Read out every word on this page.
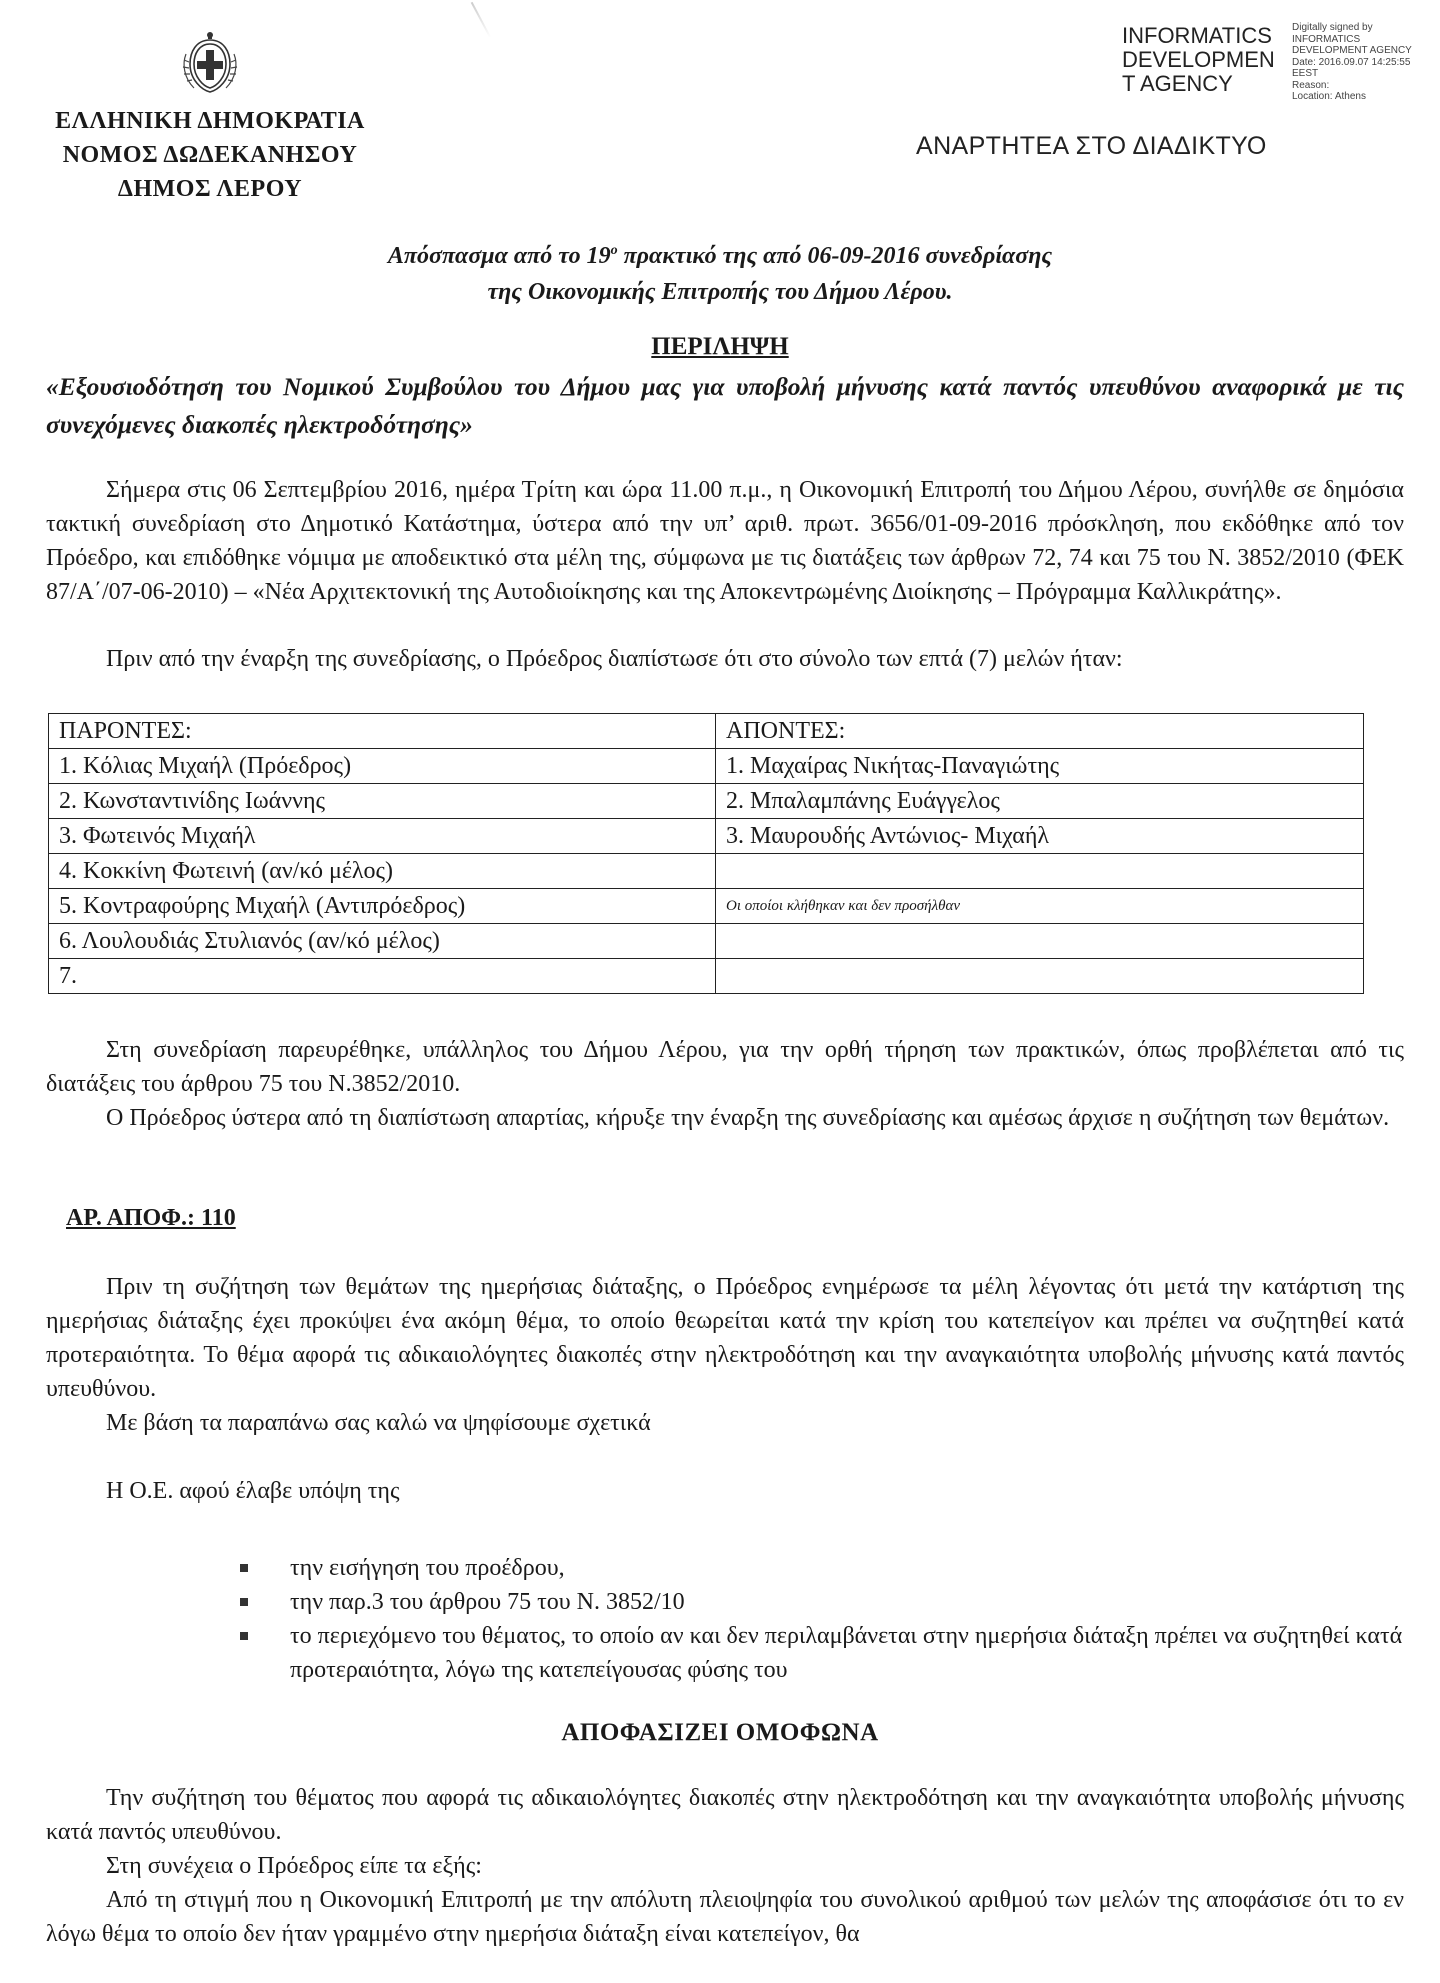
ΕΛΛΗΝΙΚΗ ΔΗΜΟΚΡΑΤΙΑ
ΝΟΜΟΣ ΔΩΔΕΚΑΝΗΣΟΥ
ΔΗΜΟΣ ΛΕΡΟΥ
INFORMATICS DEVELOPMEN T AGENCY
Digitally signed by
INFORMATICS
DEVELOPMENT AGENCY
Date: 2016.09.07 14:25:55
EEST
Reason:
Location: Athens
ΑΝΑΡΤΗΤΕΑ ΣΤΟ ΔΙΑΔΙΚΤΥΟ
Απόσπασμα από το $19^o$ πρακτικό της από 06-09-2016 συνεδρίασης
της Οικονομικής Επιτροπής του Δήμου Λέρου.
ΠΕΡΙΛΗΨΗ
«Εξουσιοδότηση του Νομικού Συμβούλου του Δήμου μας για υποβολή μήνυσης κατά παντός υπευθύνου αναφορικά με τις συνεχόμενες διακοπές ηλεκτροδότησης»
Σήμερα στις 06 Σεπτεμβρίου 2016, ημέρα Τρίτη και ώρα 11.00 π.μ., η Οικονομική Επιτροπή του Δήμου Λέρου, συνήλθε σε δημόσια τακτική συνεδρίαση στο Δημοτικό Κατάστημα, ύστερα από την υπ’ αριθ. πρωτ. 3656/01-09-2016 πρόσκληση, που εκδόθηκε από τον Πρόεδρο, και επιδόθηκε νόμιμα με αποδεικτικό στα μέλη της, σύμφωνα με τις διατάξεις των άρθρων 72, 74 και 75 του Ν. 3852/2010 (ΦΕΚ 87/Α΄/07-06-2010) – «Νέα Αρχιτεκτονική της Αυτοδιοίκησης και της Αποκεντρωμένης Διοίκησης – Πρόγραμμα Καλλικράτης».
Πριν από την έναρξη της συνεδρίασης, ο Πρόεδρος διαπίστωσε ότι στο σύνολο των επτά (7) μελών ήταν:
ΠΑΡΟΝΤΕΣ:	ΑΠΟΝΤΕΣ:
1. Κόλιας Μιχαήλ (Πρόεδρος)	1. Μαχαίρας Νικήτας-Παναγιώτης
2. Κωνσταντινίδης Ιωάννης	2. Μπαλαμπάνης Ευάγγελος
3. Φωτεινός Μιχαήλ	3. Μαυρουδής Αντώνιος- Μιχαήλ
4. Κοκκίνη Φωτεινή (αν/κό μέλος)	
5. Κοντραφούρης Μιχαήλ (Αντιπρόεδρος)	Οι οποίοι κλήθηκαν και δεν προσήλθαν
6. Λουλουδιάς Στυλιανός (αν/κό μέλος)	
7.	
Στη συνεδρίαση παρευρέθηκε, υπάλληλος του Δήμου Λέρου, για την ορθή τήρηση των πρακτικών, όπως προβλέπεται από τις διατάξεις του άρθρου 75 του Ν.3852/2010.
Ο Πρόεδρος ύστερα από τη διαπίστωση απαρτίας, κήρυξε την έναρξη της συνεδρίασης και αμέσως άρχισε η συζήτηση των θεμάτων.
ΑΡ. ΑΠΟΦ.: 110
Πριν τη συζήτηση των θεμάτων της ημερήσιας διάταξης, ο Πρόεδρος ενημέρωσε τα μέλη λέγοντας ότι μετά την κατάρτιση της ημερήσιας διάταξης έχει προκύψει ένα ακόμη θέμα, το οποίο θεωρείται κατά την κρίση του κατεπείγον και πρέπει να συζητηθεί κατά προτεραιότητα. Το θέμα αφορά τις αδικαιολόγητες διακοπές στην ηλεκτροδότηση και την αναγκαιότητα υποβολής μήνυσης κατά παντός υπευθύνου.
Με βάση τα παραπάνω σας καλώ να ψηφίσουμε σχετικά
Η Ο.Ε. αφού έλαβε υπόψη της
την εισήγηση του προέδρου,
την παρ.3 του άρθρου 75 του Ν. 3852/10
το περιεχόμενο του θέματος, το οποίο αν και δεν περιλαμβάνεται στην ημερήσια διάταξη πρέπει να συζητηθεί κατά προτεραιότητα, λόγω της κατεπείγουσας φύσης του
ΑΠΟΦΑΣΙΖΕΙ ΟΜΟΦΩΝΑ
Την συζήτηση του θέματος που αφορά τις αδικαιολόγητες διακοπές στην ηλεκτροδότηση και την αναγκαιότητα υποβολής μήνυσης κατά παντός υπευθύνου.
Στη συνέχεια ο Πρόεδρος είπε τα εξής:
Από τη στιγμή που η Οικονομική Επιτροπή με την απόλυτη πλειοψηφία του συνολικού αριθμού των μελών της αποφάσισε ότι το εν λόγω θέμα το οποίο δεν ήταν γραμμένο στην ημερήσια διάταξη είναι κατεπείγον, θα
